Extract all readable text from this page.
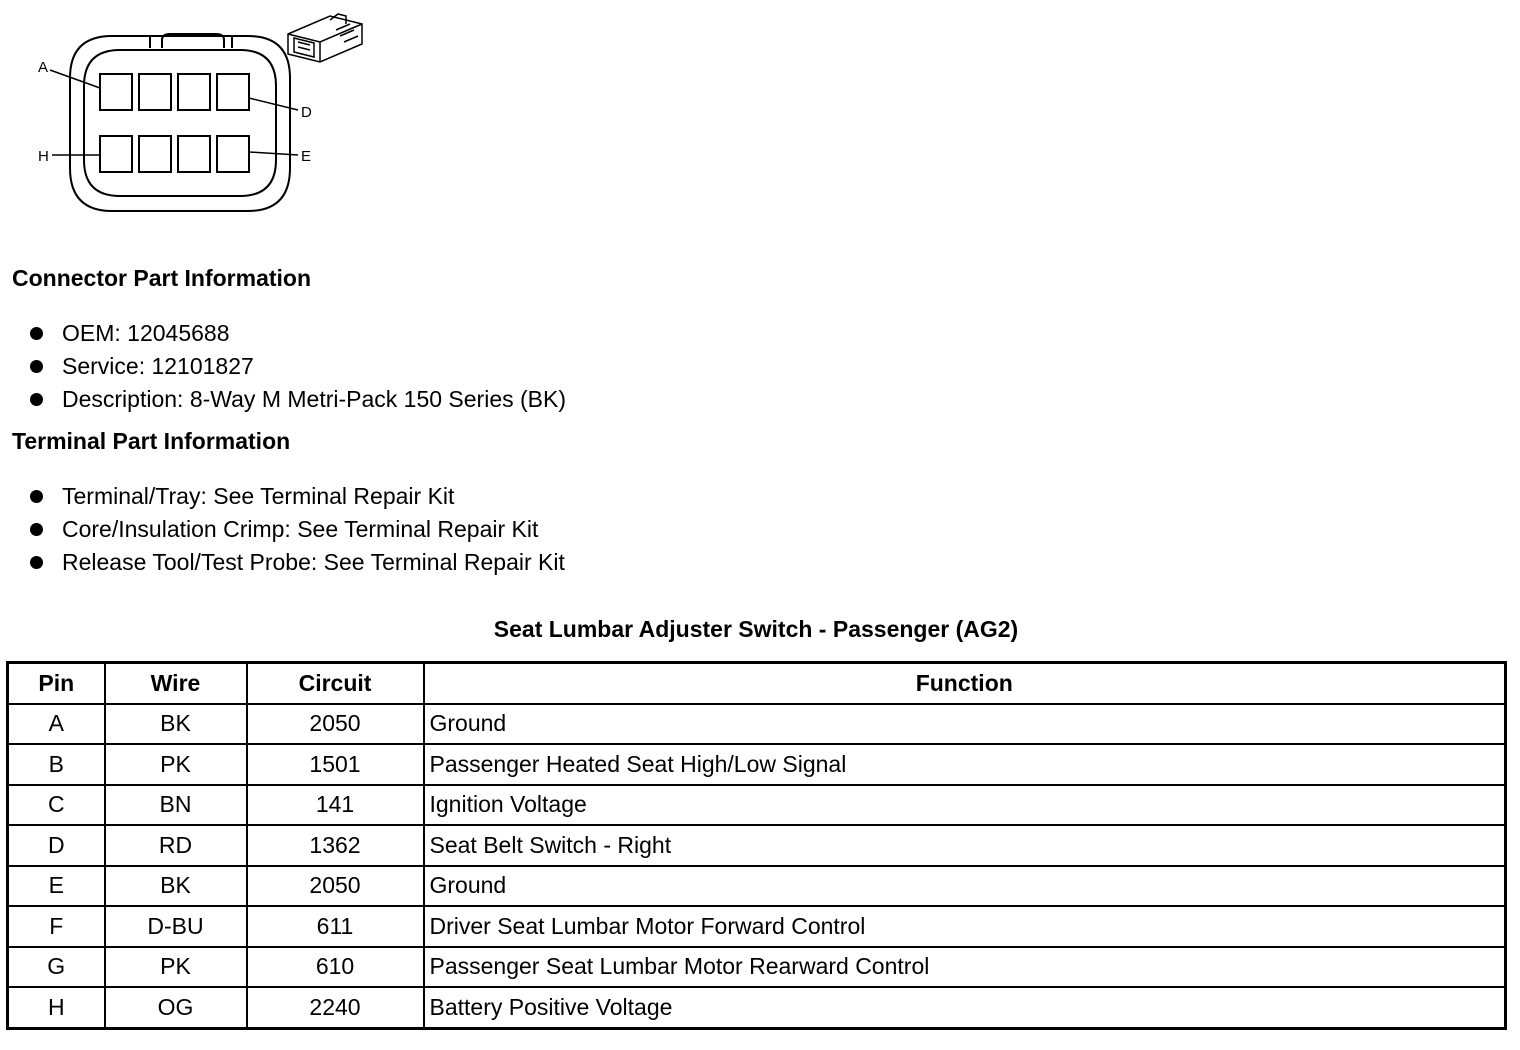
A
D
H	E
Connector Part Information
OEM: 12045688
Service: 12101827
Description: 8-Way M Metri-Pack 150 Series (BK)
Terminal Part Information
Terminal/Tray: See Terminal Repair Kit
Core/Insulation Crimp: See Terminal Repair Kit
Release Tool/Test Probe: See Terminal Repair Kit
Seat Lumbar Adjuster Switch - Passenger (AG2)
Pin	Wire	Circuit	Function
A	BK	2050	Ground
B	PK	1501	Passenger Heated Seat High/Low Signal
C	BN	141	Ignition Voltage
D	RD	1362	Seat Belt Switch - Right
E	BK	2050	Ground
F	D-BU	611	Driver Seat Lumbar Motor Forward Control
G	PK	610	Passenger Seat Lumbar Motor Rearward Control
H	OG	2240	Battery Positive Voltage
